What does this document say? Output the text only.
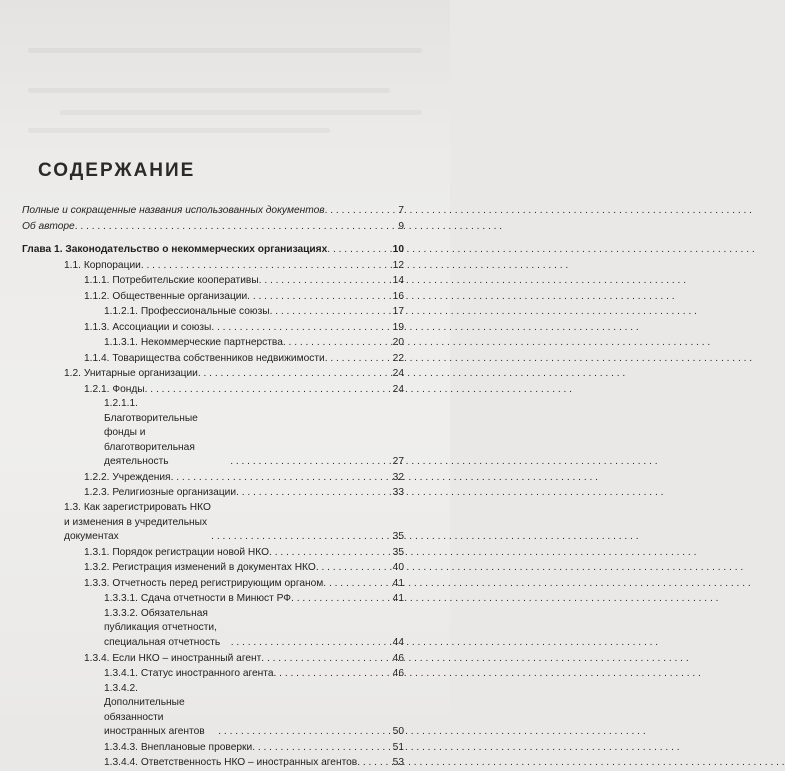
СОДЕРЖАНИЕ
Полные и сокращенные названия использованных документов . . .	7
Об авторе . . .	9
Глава 1. Законодательство о некоммерческих организациях . . .	10
1.1. Корпорации . . .	12
1.1.1. Потребительские кооперативы . . .	14
1.1.2. Общественные организации . . .	16
1.1.2.1. Профессиональные союзы . . .	17
1.1.3. Ассоциации и союзы . . .	19
1.1.3.1. Некоммерческие партнерства . . .	20
1.1.4. Товарищества собственников недвижимости . . .	22
1.2. Унитарные организации . . .	24
1.2.1. Фонды . . .	24
1.2.1.1. Благотворительные фонды и благотворительная деятельность . . .	27
1.2.2. Учреждения . . .	32
1.2.3. Религиозные организации . . .	33
1.3. Как зарегистрировать НКО и изменения в учредительных документах . . .	35
1.3.1. Порядок регистрации новой НКО . . .	35
1.3.2. Регистрация изменений в документах НКО . . .	40
1.3.3. Отчетность перед регистрирующим органом . . .	41
1.3.3.1. Сдача отчетности в Минюст РФ . . .	41
1.3.3.2. Обязательная публикация отчетности, специальная отчетность . . .	44
1.3.4. Если НКО – иностранный агент . . .	46
1.3.4.1. Статус иностранного агента . . .	46
1.3.4.2. Дополнительные обязанности иностранных агентов . . .	50
1.3.4.3. Внеплановые проверки . . .	51
1.3.4.4. Ответственность НКО – иностранных агентов . . .	53
